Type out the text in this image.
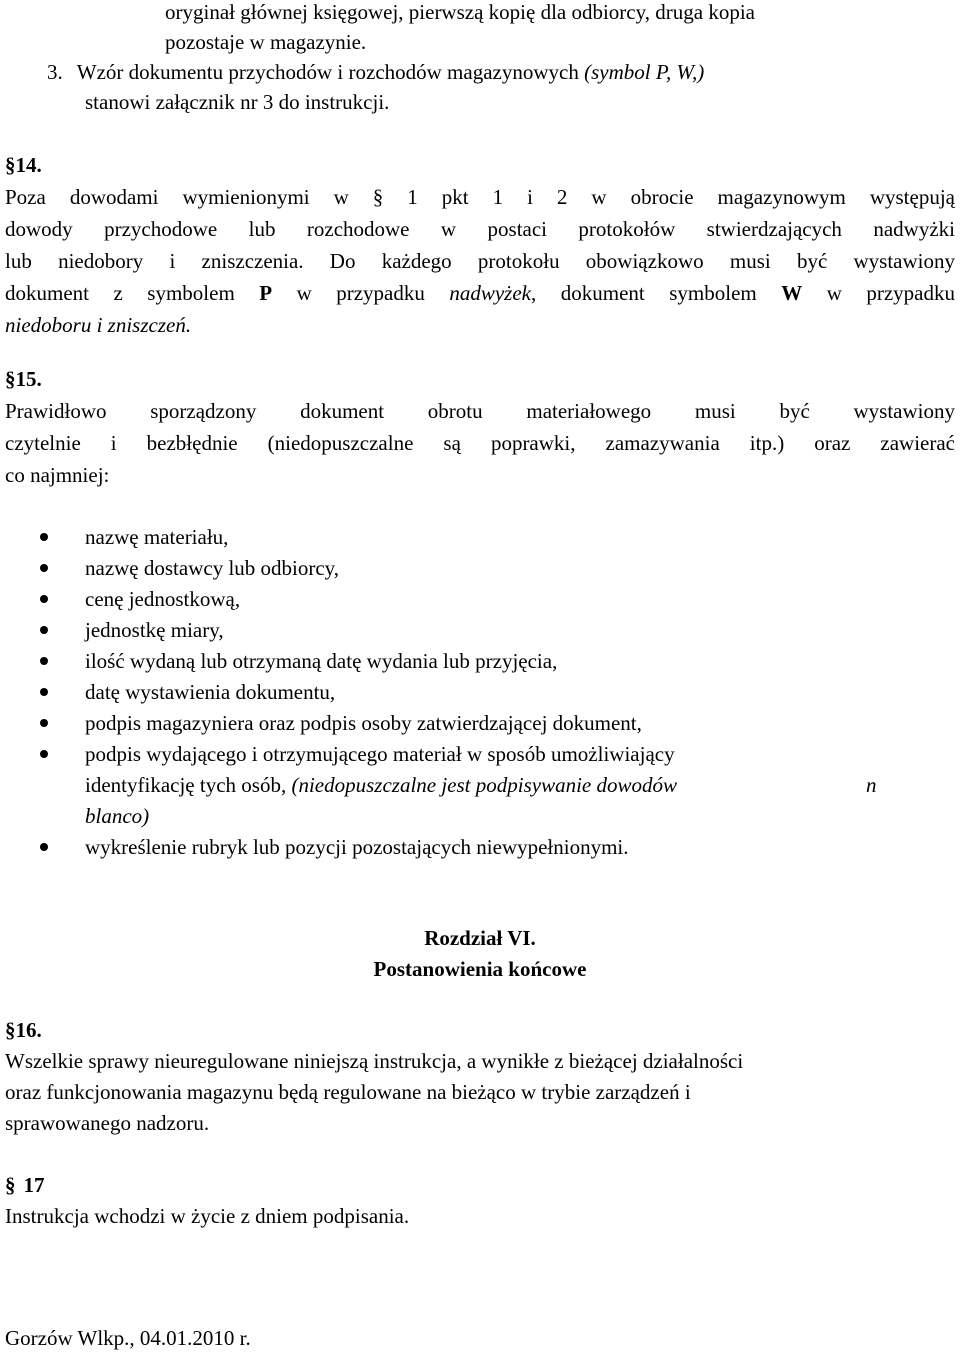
oryginał głównej księgowej, pierwszą kopię dla odbiorcy, druga kopia
pozostaje w magazynie.
3. Wzór dokumentu przychodów i rozchodów magazynowych (symbol P, W,)
stanowi załącznik nr 3 do instrukcji.
§14.
Poza dowodami wymienionymi w § 1 pkt 1 i 2 w obrocie magazynowym występują
dowody przychodowe lub rozchodowe w postaci protokołów stwierdzających nadwyżki
lub niedobory i zniszczenia. Do każdego protokołu obowiązkowo musi być wystawiony
dokument z symbolem P w przypadku nadwyżek, dokument symbolem W w przypadku
niedoboru i zniszczeń.
§15.
Prawidłowo sporządzony dokument obrotu materiałowego musi być wystawiony
czytelnie i bezbłędnie (niedopuszczalne są poprawki, zamazywania itp.) oraz zawierać
co najmniej:
nazwę materiału,
nazwę dostawcy lub odbiorcy,
cenę jednostkową,
jednostkę miary,
ilość wydaną lub otrzymaną datę wydania lub przyjęcia,
datę wystawienia dokumentu,
podpis magazyniera oraz podpis osoby zatwierdzającej dokument,
podpis wydającego i otrzymującego materiał w sposób umożliwiający
identyfikację tych osób, (niedopuszczalne jest podpisywanie dowodów	n
blanco)
wykreślenie rubryk lub pozycji pozostających niewypełnionymi.
Rozdział VI.
Postanowienia końcowe
§16.
Wszelkie sprawy nieuregulowane niniejszą instrukcja, a wynikłe z bieżącej działalności
oraz funkcjonowania magazynu będą regulowane na bieżąco w trybie zarządzeń i
sprawowanego nadzoru.
§ 17
Instrukcja wchodzi w życie z dniem podpisania.
Gorzów Wlkp., 04.01.2010 r.
